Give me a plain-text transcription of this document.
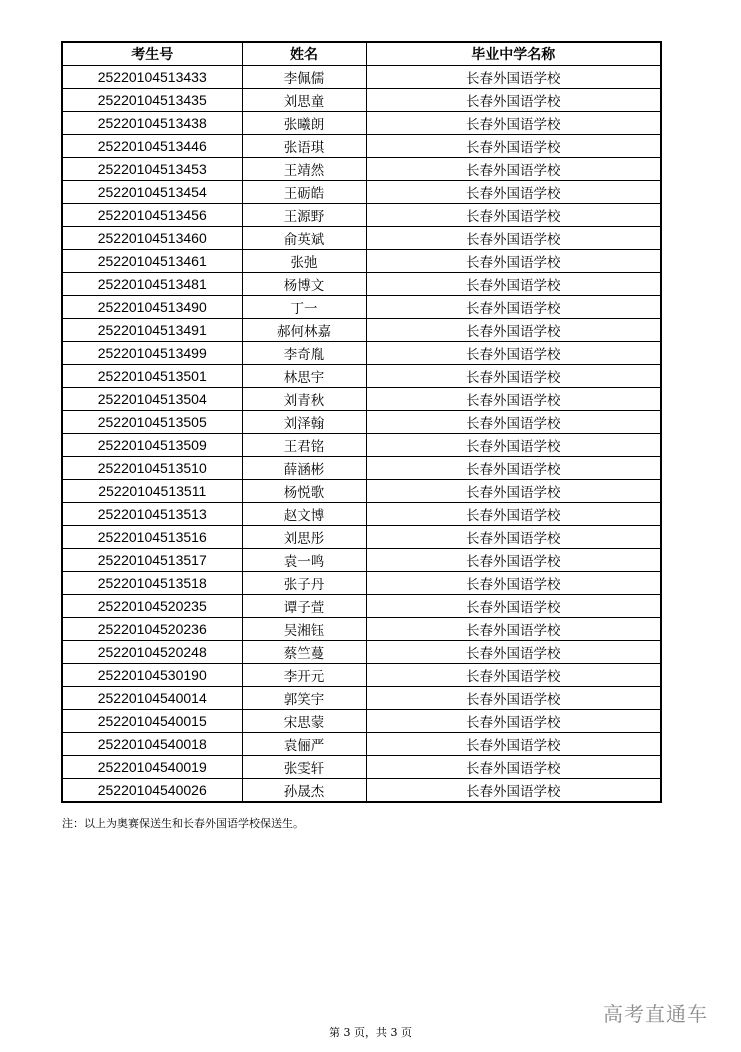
考生号	姓名	毕业中学名称
25220104513433	李佩儒	长春外国语学校
25220104513435	刘思童	长春外国语学校
25220104513438	张曦朗	长春外国语学校
25220104513446	张语琪	长春外国语学校
25220104513453	王靖然	长春外国语学校
25220104513454	王砺皓	长春外国语学校
25220104513456	王源野	长春外国语学校
25220104513460	俞英斌	长春外国语学校
25220104513461	张弛	长春外国语学校
25220104513481	杨博文	长春外国语学校
25220104513490	丁一	长春外国语学校
25220104513491	郝何林嘉	长春外国语学校
25220104513499	李奇胤	长春外国语学校
25220104513501	林思宇	长春外国语学校
25220104513504	刘青秋	长春外国语学校
25220104513505	刘泽翰	长春外国语学校
25220104513509	王君铭	长春外国语学校
25220104513510	薛涵彬	长春外国语学校
25220104513511	杨悦歌	长春外国语学校
25220104513513	赵文博	长春外国语学校
25220104513516	刘思彤	长春外国语学校
25220104513517	袁一鸣	长春外国语学校
25220104513518	张子丹	长春外国语学校
25220104520235	谭子萱	长春外国语学校
25220104520236	吴湘钰	长春外国语学校
25220104520248	蔡竺蔓	长春外国语学校
25220104530190	李开元	长春外国语学校
25220104540014	郭笑宇	长春外国语学校
25220104540015	宋思蒙	长春外国语学校
25220104540018	袁俪严	长春外国语学校
25220104540019	张雯轩	长春外国语学校
25220104540026	孙晟杰	长春外国语学校
注：以上为奥赛保送生和长春外国语学校保送生。
高考直通车
第 3 页，共 3 页
